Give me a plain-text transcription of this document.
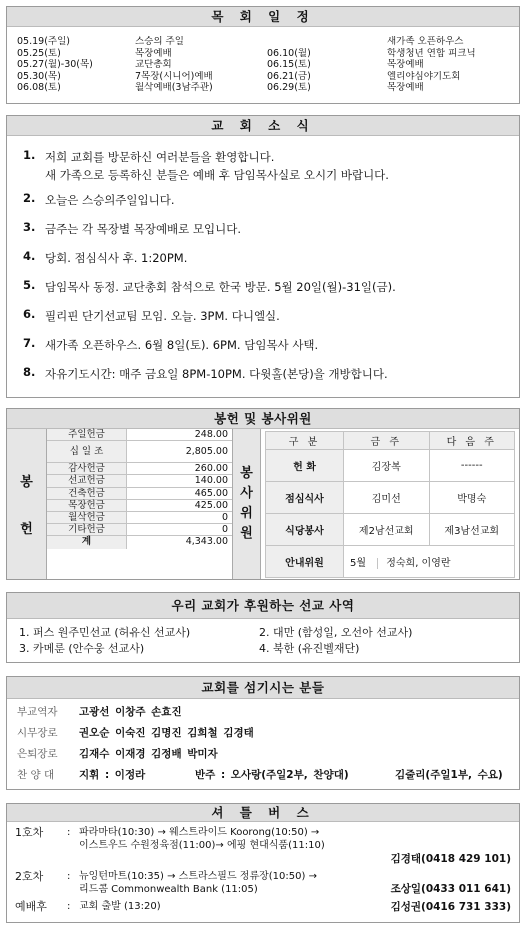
목 회 일 정
05.19(주일)	스승의 주일
05.25(토)	목장예배
05.27(월)-30(목)	교단총회
05.30(목)	7목장(시니어)예배
06.08(토)	월삭예배(3남주관)
새가족 오픈하우스
06.10(월)	학생청년 연합 피크닉
06.15(토)	목장예배
06.21(금)	엘리야심야기도회
06.29(토)	목장예배
교 회 소 식
1. 저희 교회를 방문하신 여러분들을 환영합니다.
새 가족으로 등록하신 분들은 예배 후 담임목사실로 오시기 바랍니다.
2. 오늘은 스승의주일입니다.
3. 금주는 각 목장별 목장예배로 모입니다.
4. 당회. 점심식사 후. 1:20PM.
5. 담임목사 동정. 교단총회 참석으로 한국 방문. 5월 20일(월)-31일(금).
6. 필리핀 단기선교팀 모임. 오늘. 3PM. 다니엘실.
7. 새가족 오픈하우스. 6월 8일(토). 6PM. 담임목사 사택.
8. 자유기도시간: 매주 금요일 8PM-10PM. 다윗홀(본당)을 개방합니다.
봉헌 및 봉사위원
봉
헌
주일헌금	248.00
십 일 조	2,805.00
감사헌금	260.00
선교헌금	140.00
건축헌금	465.00
목장헌금	425.00
월삭헌금	0
기타헌금	0
계	4,343.00
봉
사
위
원
구 분	금 주	다 음 주
헌 화	김장복	------
점심식사	김미선	박명숙
식당봉사	제2남선교회	제3남선교회
안내위원	5월 정숙희, 이영란	
우리 교회가 후원하는 선교 사역
1. 퍼스 원주민선교 (허유신 선교사)	2. 대만 (함성일, 오선아 선교사)
3. 카메룬 (안수웅 선교사)	4. 북한 (유진벨재단)
교회를 섬기시는 분들
부교역자	고광선 이창주 손효진
시무장로	권오순 이숙진 김명진 김희철 김경태
은퇴장로	김재수 이재경 김정배 박미자
찬 양 대	지휘 : 이정라	반주 : 오사랑(주일2부, 찬양대)	김줄리(주일1부, 수요)
셔 틀 버 스
1호차	: 파라마타(10:30) → 웨스트라이드 Koorong(10:50) →
이스트우드 수원정육점(11:00)→ 에핑 현대식품(11:10)
김경태(0418 429 101)
2호차	: 뉴잉턴마트(10:35) → 스트라스필드 정류장(10:50) →
리드콤 Commonwealth Bank (11:05)	조상일(0433 011 641)
예배후	: 교회 출발 (13:20)	김성권(0416 731 333)
